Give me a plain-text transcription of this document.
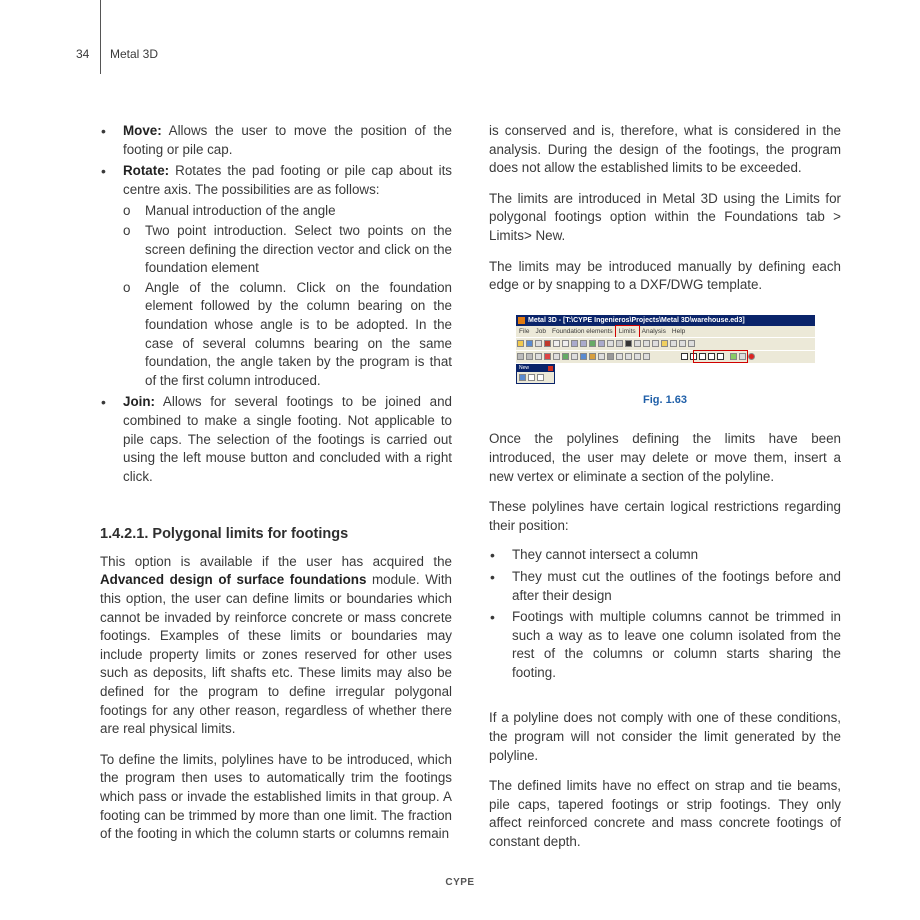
34 Metal 3D
• Move: Allows the user to move the position of the footing or pile cap.
• Rotate: Rotates the pad footing or pile cap about its centre axis. The possibilities are as follows:
o Manual introduction of the angle
o Two point introduction. Select two points on the screen defining the direction vector and click on the foundation element
o Angle of the column. Click on the foundation element followed by the column bearing on the foundation whose angle is to be adopted. In the case of several columns bearing on the same foundation, the angle taken by the program is that of the first column introduced.
• Join: Allows for several footings to be joined and combined to make a single footing. Not applicable to pile caps. The selection of the footings is carried out using the left mouse button and concluded with a right click.
1.4.2.1. Polygonal limits for footings

This option is available if the user has acquired the Advanced design of surface foundations module. With this option, the user can define limits or boundaries which cannot be invaded by reinforce concrete or mass concrete footings. Examples of these limits or boundaries may include property limits or zones reserved for other uses such as deposits, lift shafts etc. These limits may also be defined for the program to define irregular polygonal footings for any other reason, regardless of whether there are real physical limits.

To define the limits, polylines have to be introduced, which the program then uses to automatically trim the footings which pass or invade the established limits in that group. A footing can be trimmed by more than one limit. The fraction of the footing in which the column starts or columns remain

is conserved and is, therefore, what is considered in the analysis. During the design of the footings, the program does not allow the established limits to be exceeded.

The limits are introduced in Metal 3D using the Limits for polygonal footings option within the Foundations tab > Limits> New.

The limits may be introduced manually by defining each edge or by snapping to a DXF/DWG template.

Metal 3D - [T:\CYPE Ingenieros\Projects\Metal 3D\warehouse.ed3]
File Job Foundation elements Limits Analysis Help

New
Fig. 1.63

Once the polylines defining the limits have been introduced, the user may delete or move them, insert a new vertex or eliminate a section of the polyline.

These polylines have certain logical restrictions regarding their position:

• They cannot intersect a column
• They must cut the outlines of the footings before and after their design
• Footings with multiple columns cannot be trimmed in such a way as to leave one column isolated from the rest of the columns or column starts sharing the footing.

If a polyline does not comply with one of these conditions, the program will not consider the limit generated by the polyline.

The defined limits have no effect on strap and tie beams, pile caps, tapered footings or strip footings. They only affect reinforced concrete and mass concrete footings of constant depth.

CYPE
